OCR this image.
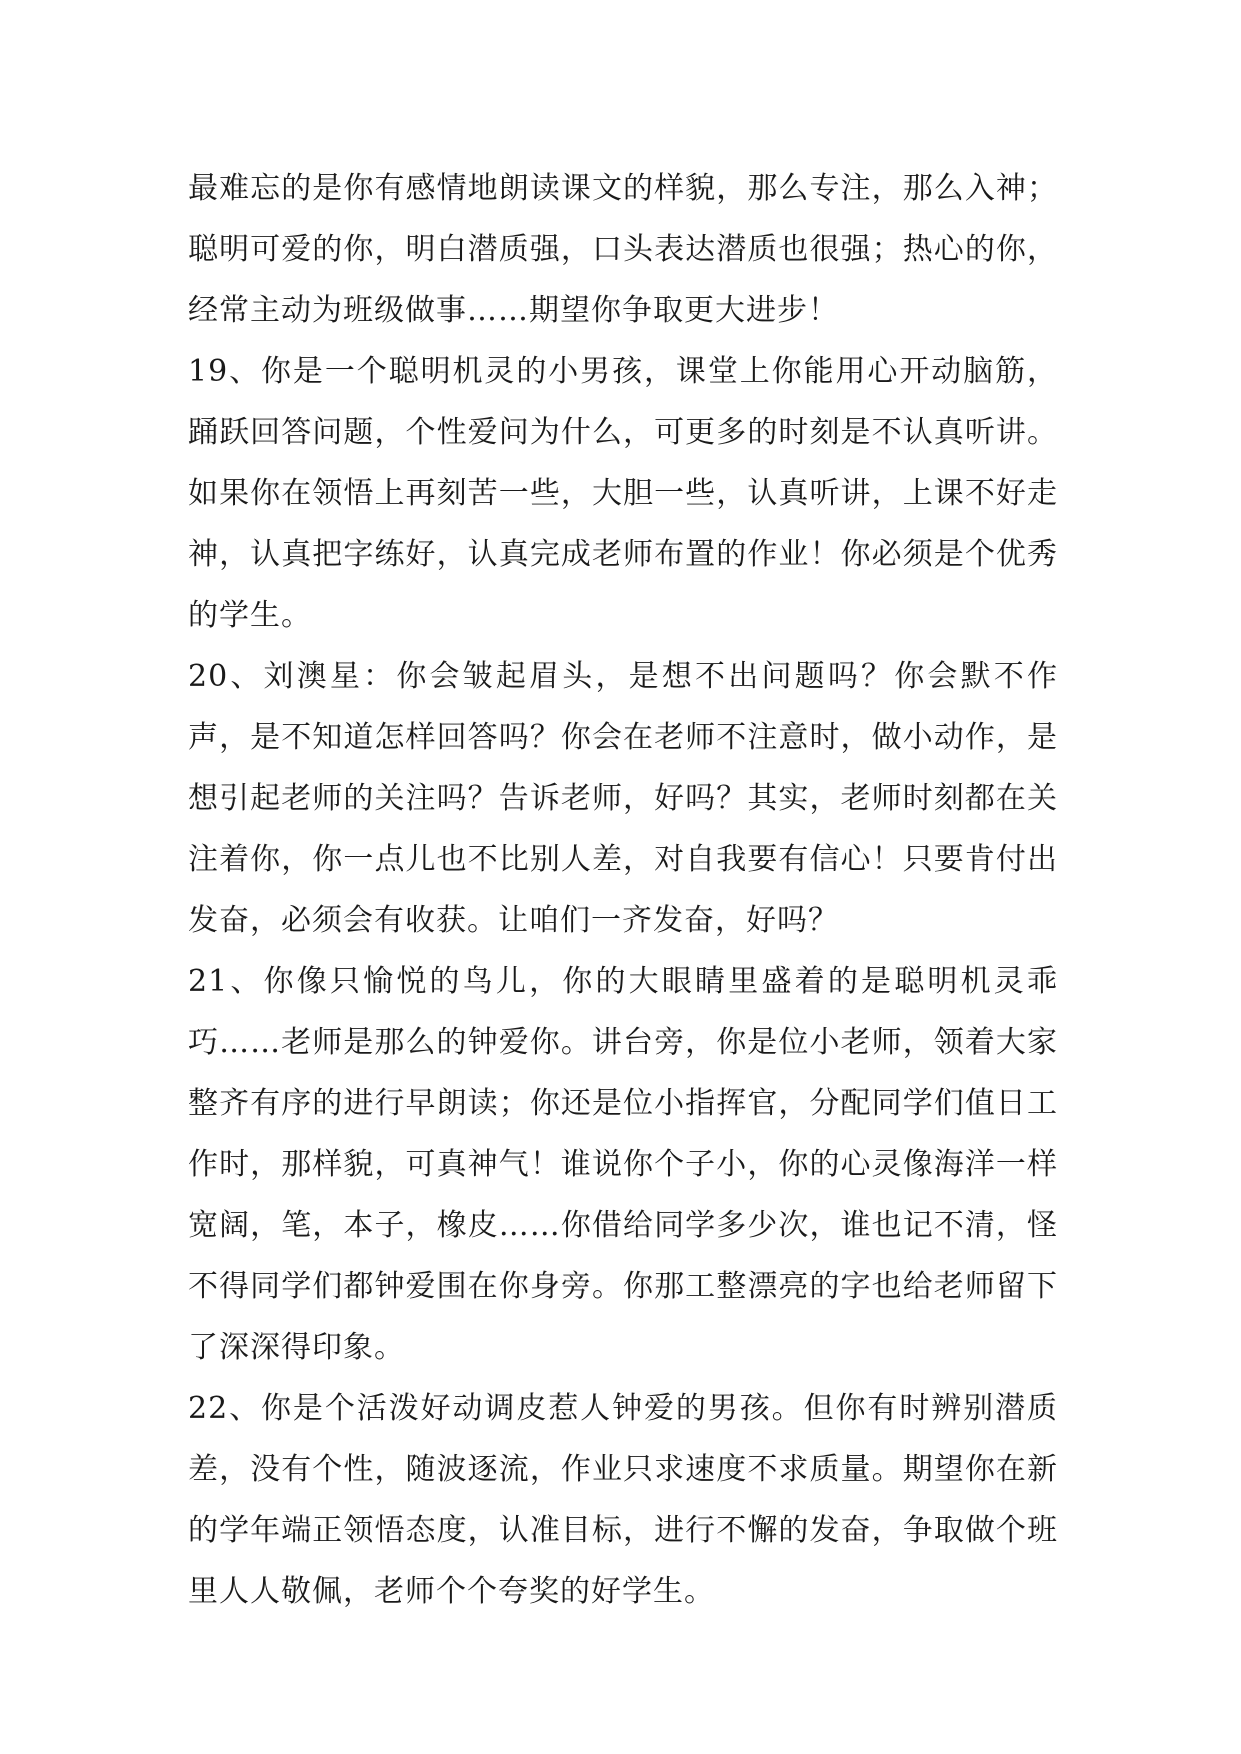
最难忘的是你有感情地朗读课文的样貌，那么专注，那么入神；聪明可爱的你，明白潜质强，口头表达潜质也很强；热心的你，经常主动为班级做事……期望你争取更大进步！

19、你是一个聪明机灵的小男孩，课堂上你能用心开动脑筋，踊跃回答问题，个性爱问为什么，可更多的时刻是不认真听讲。如果你在领悟上再刻苦一些，大胆一些，认真听讲，上课不好走神，认真把字练好，认真完成老师布置的作业！你必须是个优秀的学生。

20、刘澳星：你会皱起眉头，是想不出问题吗？你会默不作声，是不知道怎样回答吗？你会在老师不注意时，做小动作，是想引起老师的关注吗？告诉老师，好吗？其实，老师时刻都在关注着你，你一点儿也不比别人差，对自我要有信心！只要肯付出发奋，必须会有收获。让咱们一齐发奋，好吗？

21、你像只愉悦的鸟儿，你的大眼睛里盛着的是聪明机灵乖巧……老师是那么的钟爱你。讲台旁，你是位小老师，领着大家整齐有序的进行早朗读；你还是位小指挥官，分配同学们值日工作时，那样貌，可真神气！谁说你个子小，你的心灵像海洋一样宽阔，笔，本子，橡皮……你借给同学多少次，谁也记不清，怪不得同学们都钟爱围在你身旁。你那工整漂亮的字也给老师留下了深深得印象。

22、你是个活泼好动调皮惹人钟爱的男孩。但你有时辨别潜质差，没有个性，随波逐流，作业只求速度不求质量。期望你在新的学年端正领悟态度，认准目标，进行不懈的发奋，争取做个班里人人敬佩，老师个个夸奖的好学生。
